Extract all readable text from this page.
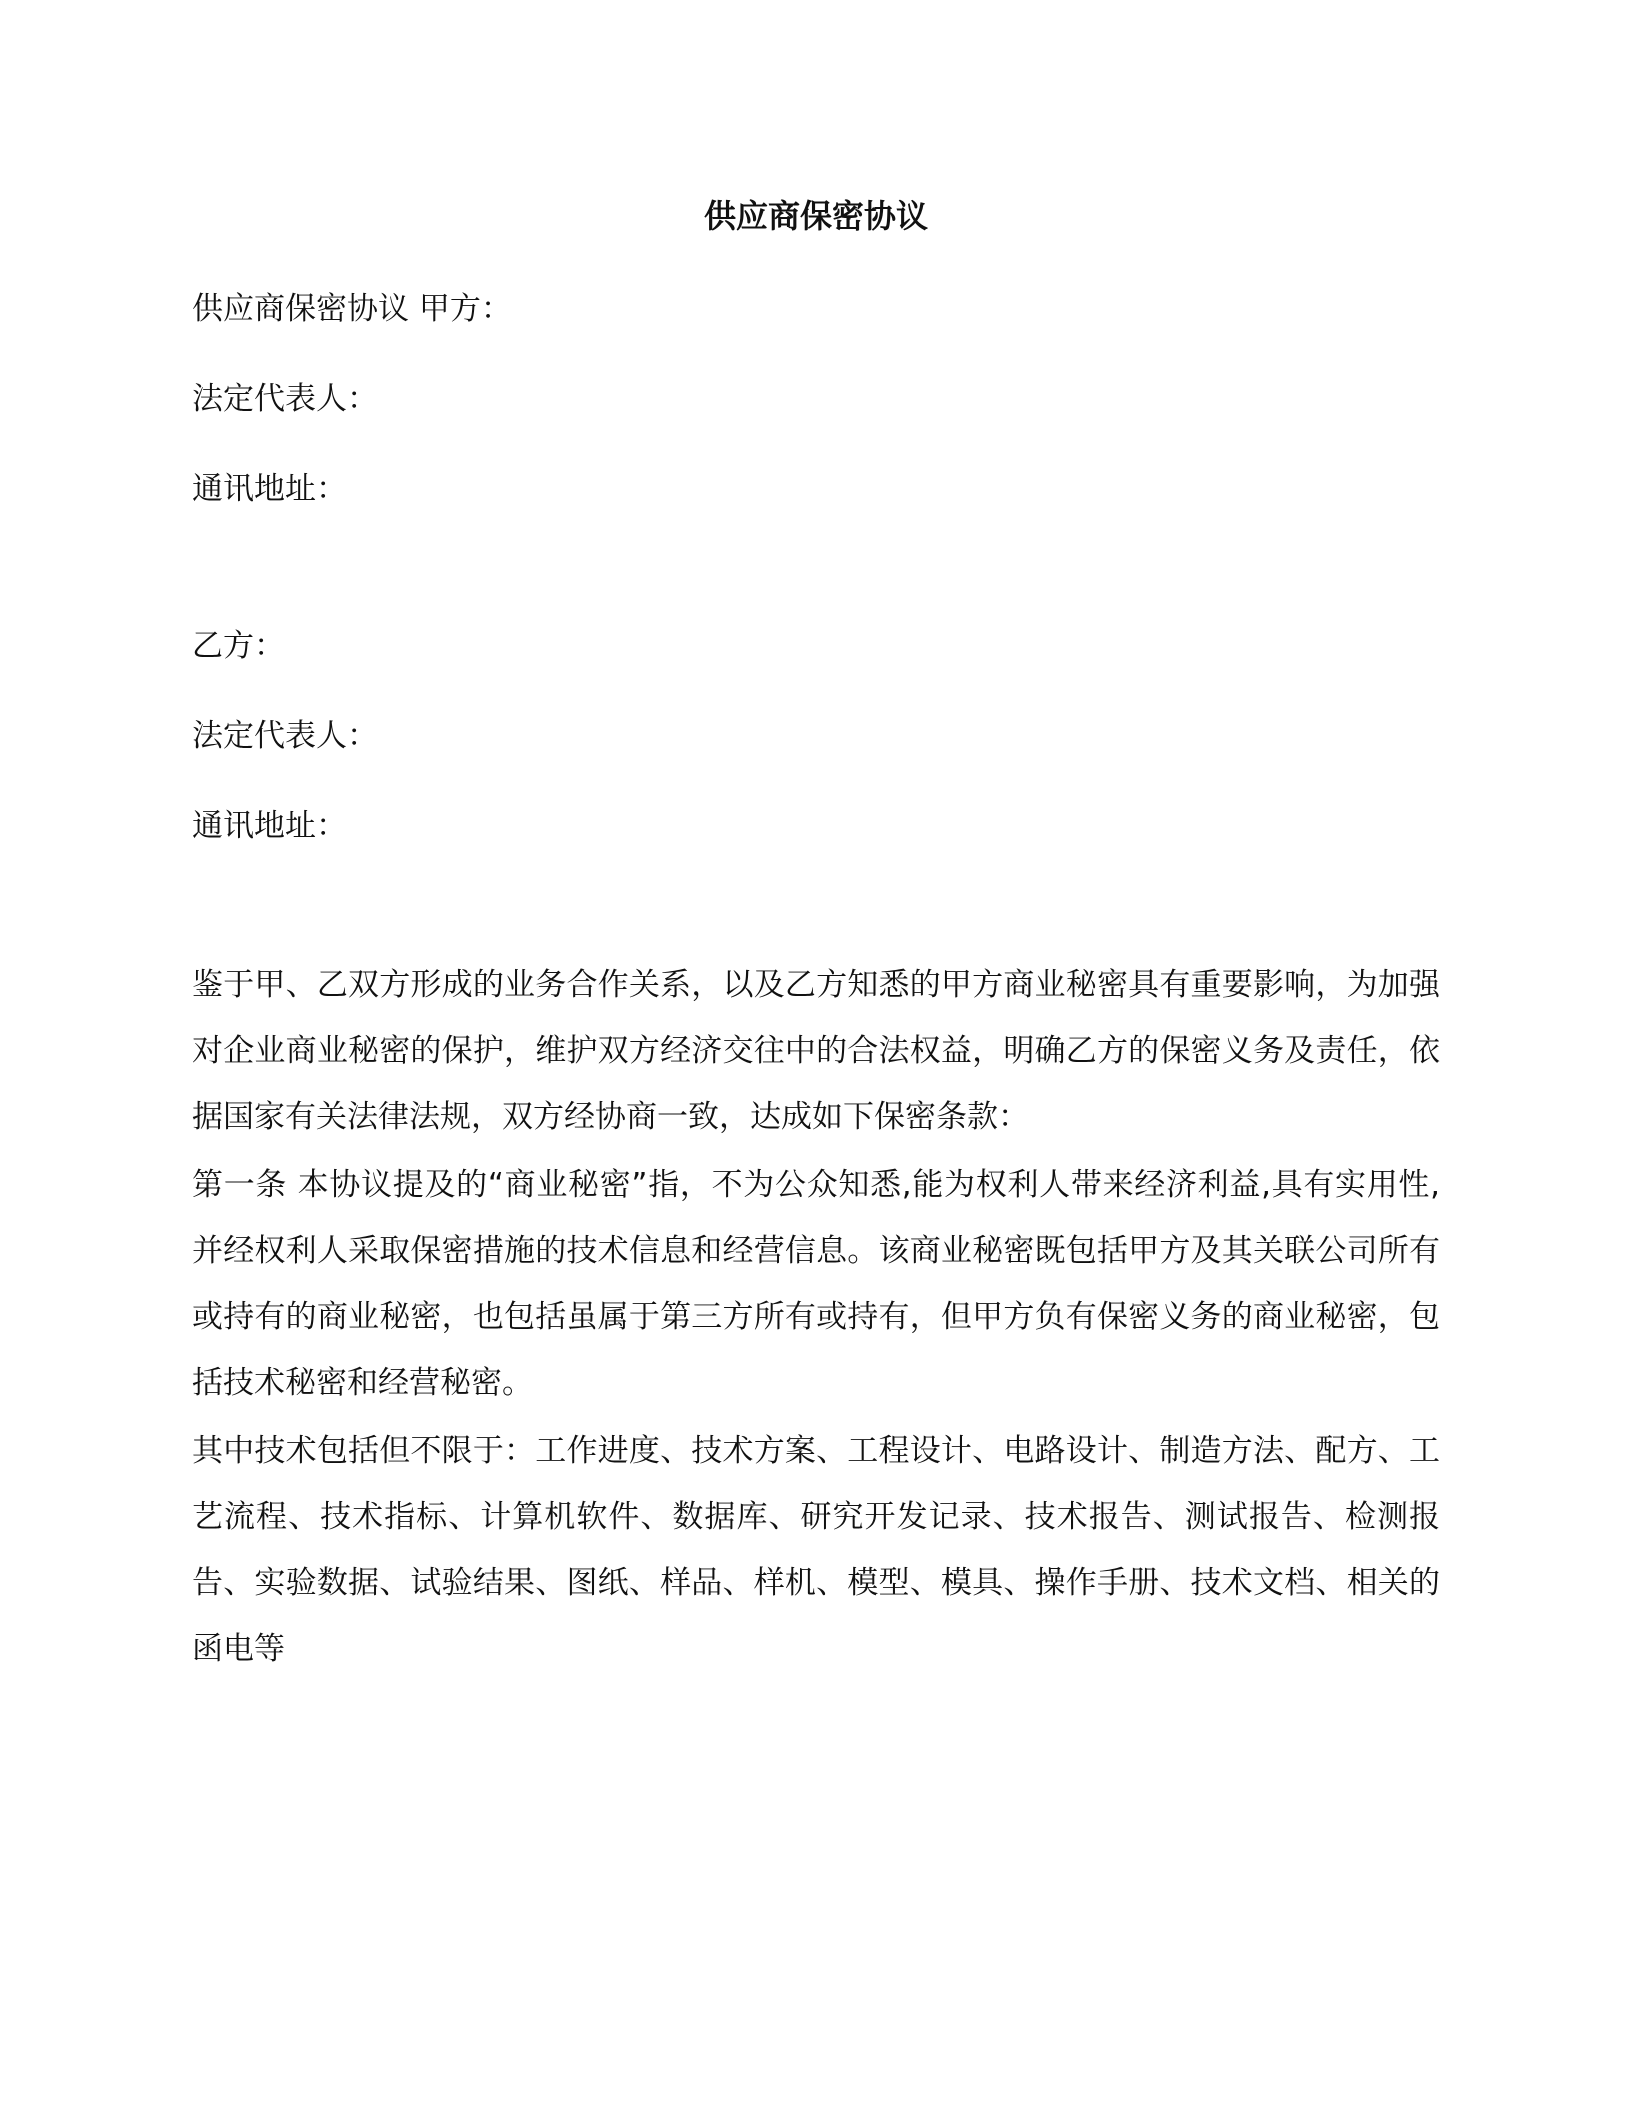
供应商保密协议

供应商保密协议 甲方：

法定代表人：

通讯地址：

乙方：

法定代表人：

通讯地址：

鉴于甲、乙双方形成的业务合作关系，以及乙方知悉的甲方商业秘密具有重要影响，为加强对企业商业秘密的保护，维护双方经济交往中的合法权益，明确乙方的保密义务及责任，依据国家有关法律法规，双方经协商一致，达成如下保密条款：

第一条 本协议提及的“商业秘密”指，不为公众知悉,能为权利人带来经济利益,具有实用性,并经权利人采取保密措施的技术信息和经营信息。该商业秘密既包括甲方及其关联公司所有或持有的商业秘密，也包括虽属于第三方所有或持有，但甲方负有保密义务的商业秘密，包括技术秘密和经营秘密。

其中技术包括但不限于：工作进度、技术方案、工程设计、电路设计、制造方法、配方、工艺流程、技术指标、计算机软件、数据库、研究开发记录、技术报告、测试报告、检测报告、实验数据、试验结果、图纸、样品、样机、模型、模具、操作手册、技术文档、相关的函电等
